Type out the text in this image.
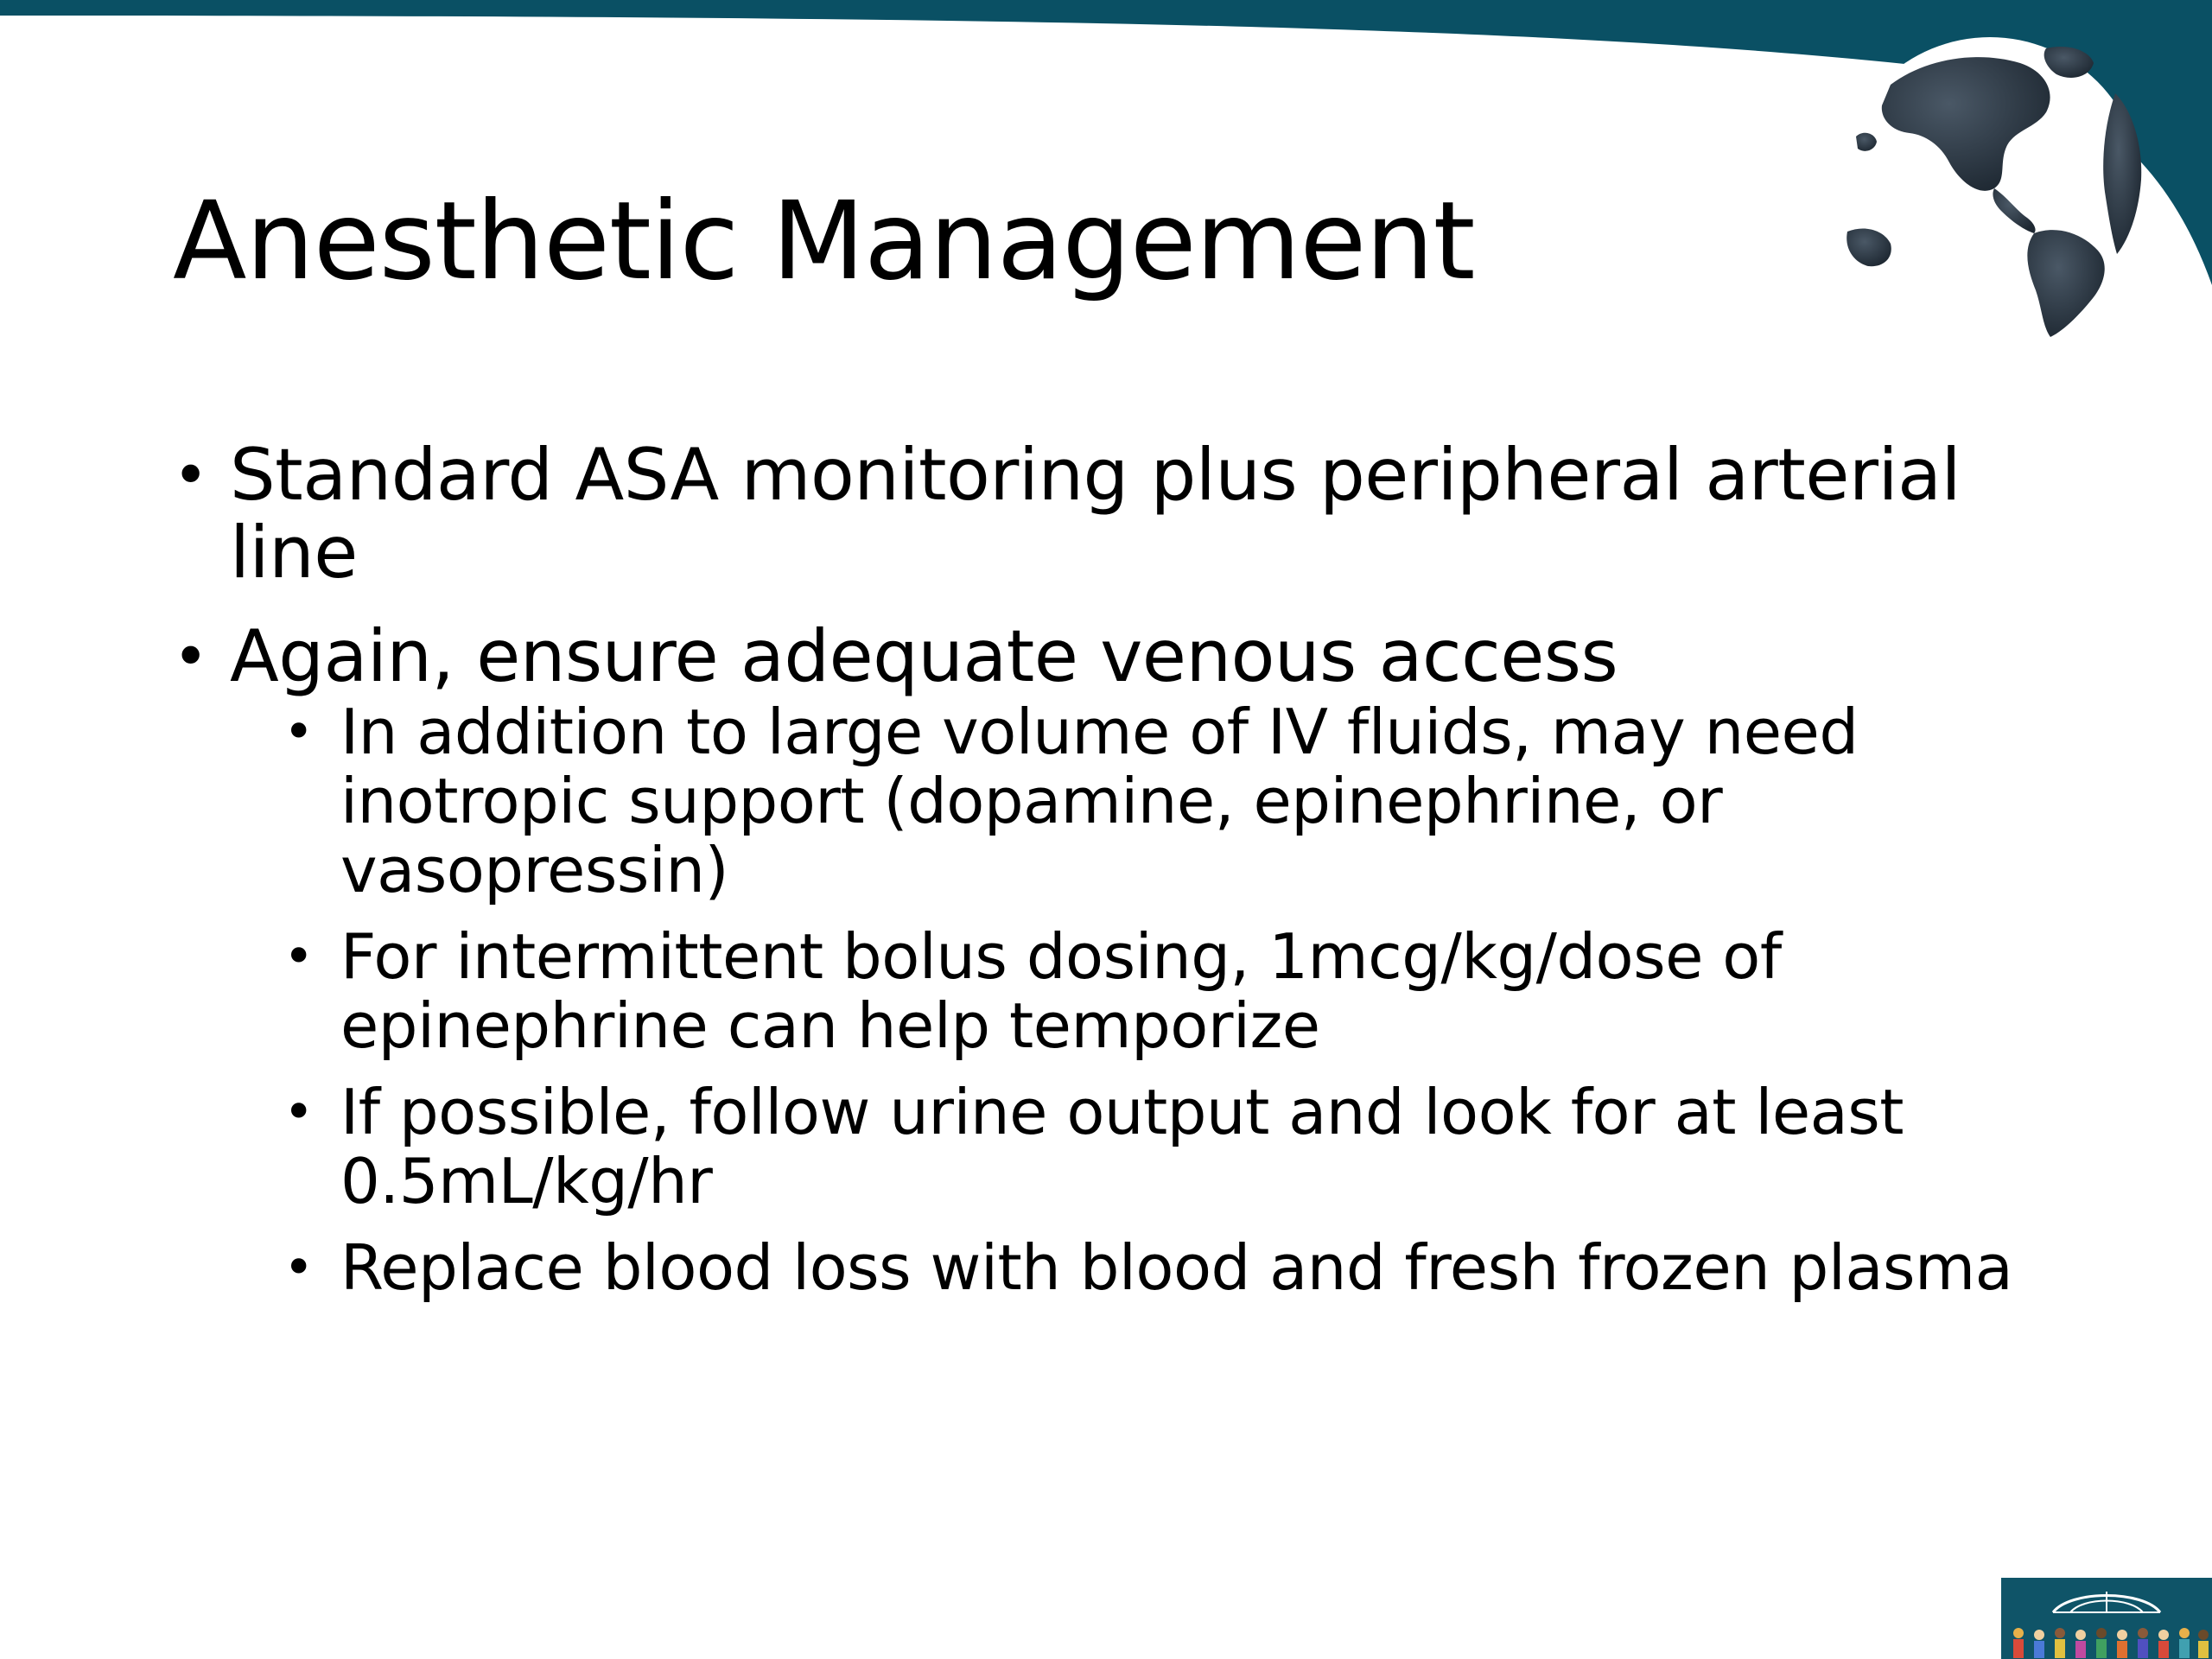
Anesthetic Management
• Standard ASA monitoring plus peripheral arterial line
• Again, ensure adequate venous access
• In addition to large volume of IV fluids, may need inotropic support (dopamine, epinephrine, or vasopressin)
• For intermittent bolus dosing, 1mcg/kg/dose of epinephrine can help temporize
• If possible, follow urine output and look for at least 0.5mL/kg/hr
• Replace blood loss with blood and fresh frozen plasma
